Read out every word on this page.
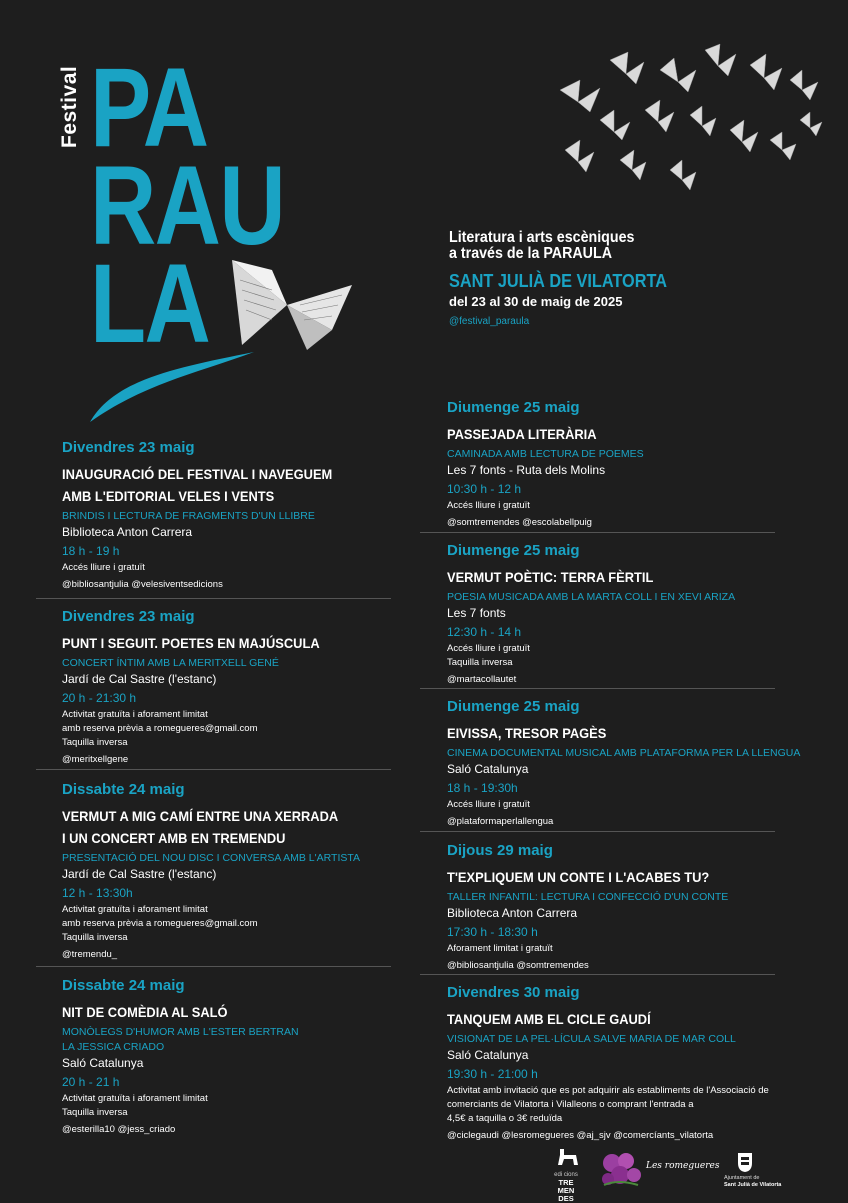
Festival PA
RAU
LA
Literatura i arts escèniques
a través de la PARAULA
SANT JULIÀ DE VILATORTA
del 23 al 30 de maig de 2025
@festival_paraula
Divendres 23 maig
INAUGURACIÓ DEL FESTIVAL I NAVEGUEM
AMB L'EDITORIAL VELES I VENTS
BRINDIS I LECTURA DE FRAGMENTS D'UN LLIBRE
Biblioteca Anton Carrera
18 h - 19 h
Accés lliure i gratuït
@bibliosantjulia @velesiventsedicions
Divendres 23 maig
PUNT I SEGUIT. POETES EN MAJÚSCULA
CONCERT ÍNTIM AMB LA MERITXELL GENÉ
Jardí de Cal Sastre (l'estanc)
20 h - 21:30 h
Activitat gratuïta i aforament limitat
amb reserva prèvia a romegueres@gmail.com
Taquilla inversa
@meritxellgene
Dissabte 24 maig
VERMUT A MIG CAMÍ ENTRE UNA XERRADA
I UN CONCERT AMB EN TREMENDU
PRESENTACIÓ DEL NOU DISC I CONVERSA AMB L'ARTISTA
Jardí de Cal Sastre (l'estanc)
12 h - 13:30h
Activitat gratuïta i aforament limitat
amb reserva prèvia a romegueres@gmail.com
Taquilla inversa
@tremendu_
Dissabte 24 maig
NIT DE COMÈDIA AL SALÓ
MONÒLEGS D'HUMOR AMB L'ESTER BERTRAN
LA JESSICA CRIADO
Saló Catalunya
20 h - 21 h
Activitat gratuïta i aforament limitat
Taquilla inversa
@esterilla10 @jess_criado
Diumenge 25 maig
PASSEJADA LITERÀRIA
CAMINADA AMB LECTURA DE POEMES
Les 7 fonts - Ruta dels Molins
10:30 h - 12 h
Accés lliure i gratuït
@somtremendes @escolabellpuig
Diumenge 25 maig
VERMUT POÈTIC: TERRA FÈRTIL
POESIA MUSICADA AMB LA MARTA COLL I EN XEVI ARIZA
Les 7 fonts
12:30 h - 14 h
Accés lliure i gratuït
Taquilla inversa
@martacollautet
Diumenge 25 maig
EIVISSA, TRESOR PAGÈS
CINEMA DOCUMENTAL MUSICAL AMB PLATAFORMA PER LA LLENGUA
Saló Catalunya
18 h - 19:30h
Accés lliure i gratuït
@plataformaperlallengua
Dijous 29 maig
T'EXPLIQUEM UN CONTE I L'ACABES TU?
TALLER INFANTIL: LECTURA I CONFECCIÓ D'UN CONTE
Biblioteca Anton Carrera
17:30 h - 18:30 h
Aforament limitat i gratuït
@bibliosantjulia @somtremendes
Divendres 30 maig
TANQUEM AMB EL CICLE GAUDÍ
VISIONAT DE LA PEL·LÍCULA SALVE MARIA DE MAR COLL
Saló Catalunya
19:30 h - 21:00 h
Activitat amb invitació que es pot adquirir als establiments de l'Associació de
comerciants de Vilatorta i Vilalleons o comprant l'entrada a
4,5€ a taquilla o 3€ reduïda
@ciclegaudi @lesromegueres @aj_sjv @comercíants_vilatorta
edi cions
TRE MEN DES
Les romegueres
Ajuntament de
Sant Julià de Vilatorta
